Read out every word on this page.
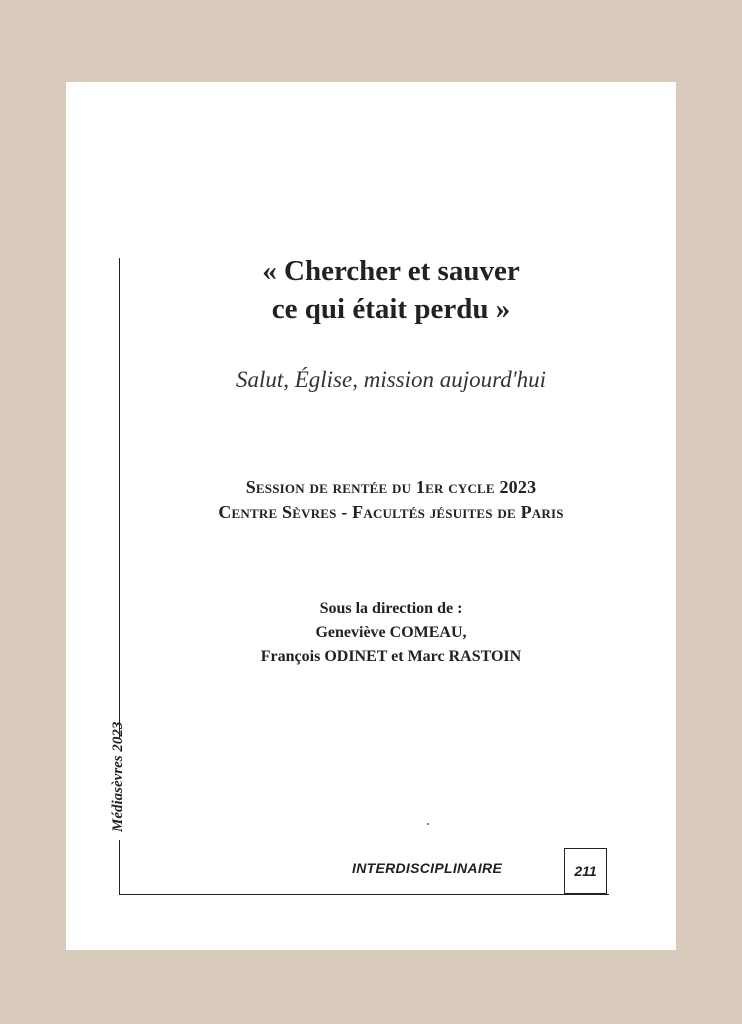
Médiasèvres 2023
« Chercher et sauver
ce qui était perdu »
Salut, Église, mission aujourd'hui
Session de rentée du 1er cycle 2023
Centre Sèvres - Facultés jésuites de Paris
Sous la direction de :
Geneviève COMEAU,
François ODINET et Marc RASTOIN
INTERDISCIPLINAIRE	211
